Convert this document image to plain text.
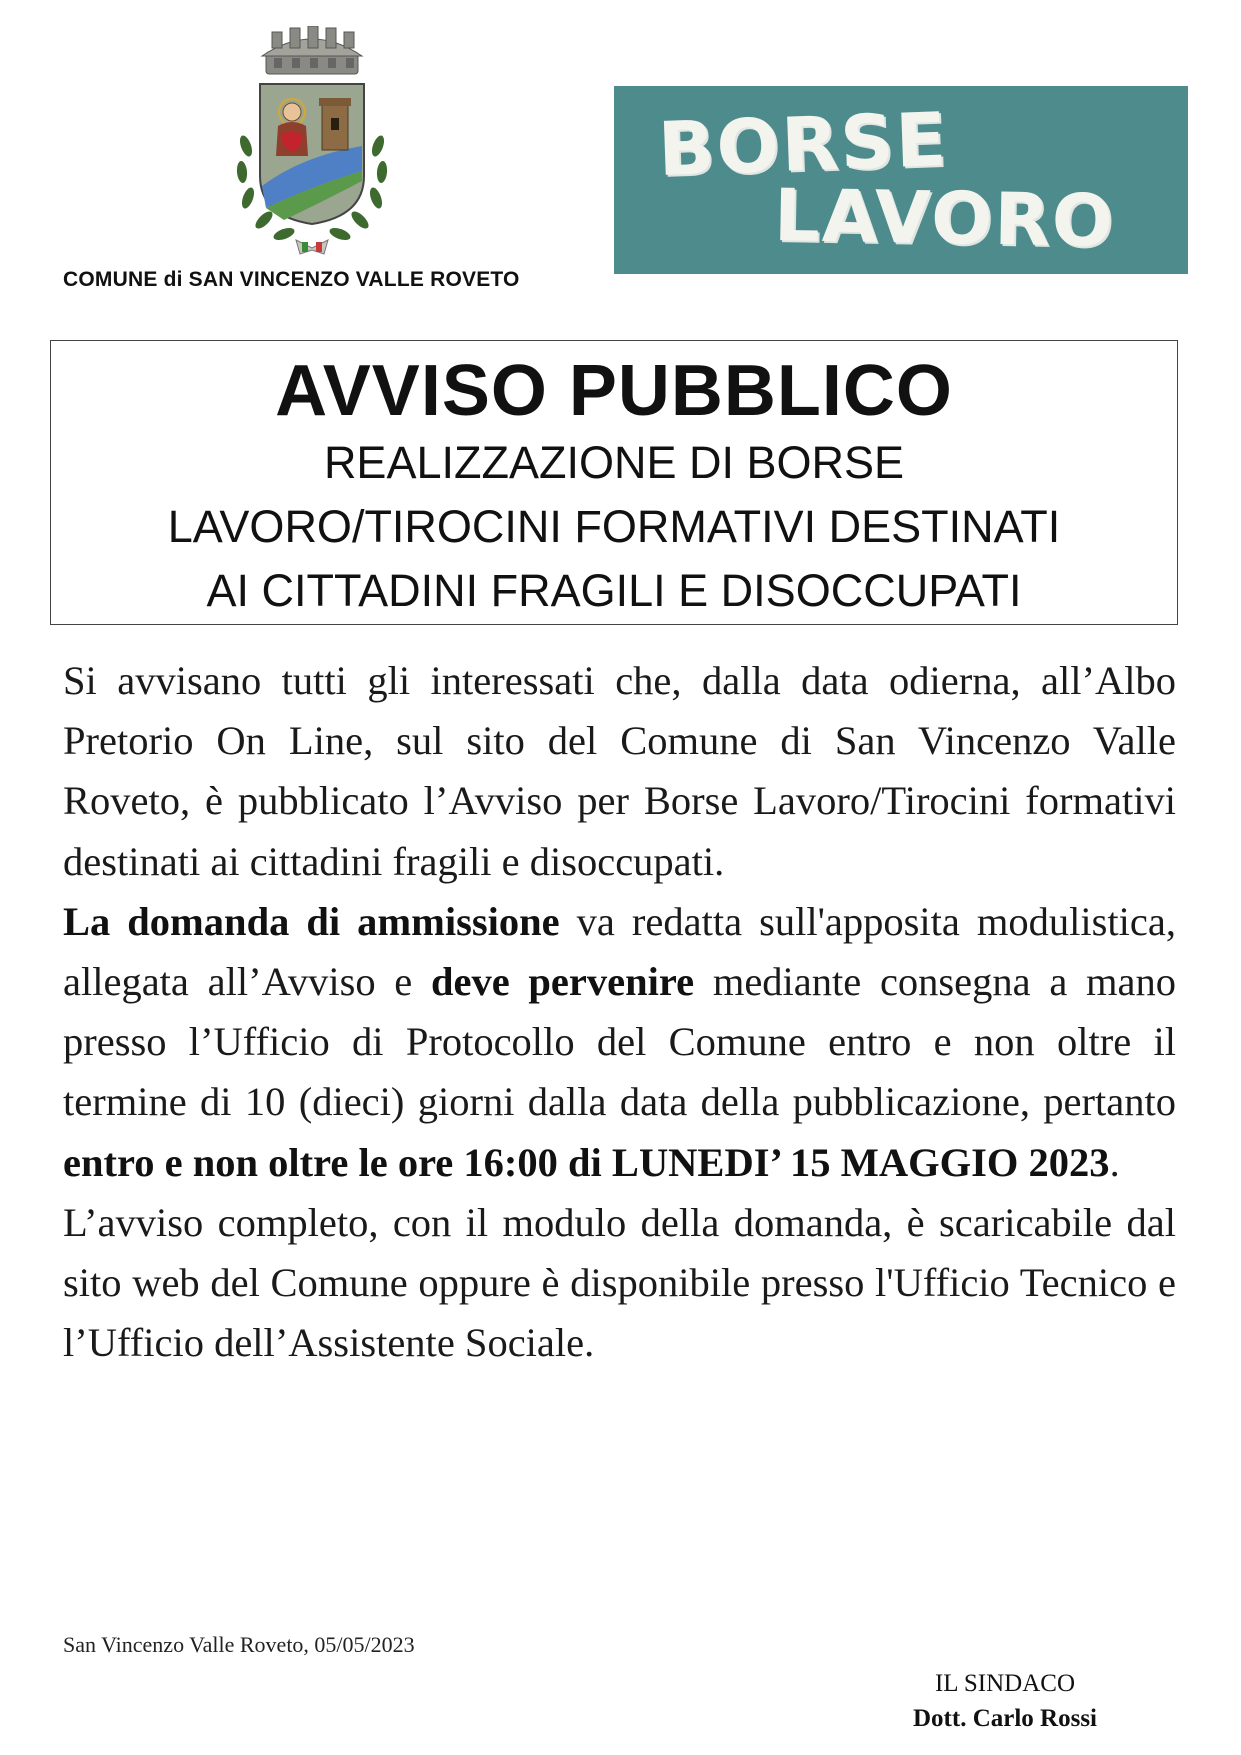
COMUNE di SAN VINCENZO VALLE ROVETO
BORSE
LAVORO
AVVISO PUBBLICO
REALIZZAZIONE DI BORSE
LAVORO/TIROCINI FORMATIVI DESTINATI
AI CITTADINI FRAGILI E DISOCCUPATI

Si avvisano tutti gli interessati che, dalla data odierna, all’Albo Pretorio On Line, sul sito del Comune di San Vincenzo Valle Roveto, è pubblicato l’Avviso per Borse Lavoro/Tirocini formativi destinati ai cittadini fragili e disoccupati.

La domanda di ammissione va redatta sull'apposita modulistica, allegata all’Avviso e deve pervenire mediante consegna a mano presso l’Ufficio di Protocollo del Comune entro e non oltre il termine di 10 (dieci) giorni dalla data della pubblicazione, pertanto entro e non oltre le ore 16:00 di LUNEDI’ 15 MAGGIO 2023.

L’avviso completo, con il modulo della domanda, è scaricabile dal sito web del Comune oppure è disponibile presso l'Ufficio Tecnico e l’Ufficio dell’Assistente Sociale.

San Vincenzo Valle Roveto, 05/05/2023
IL SINDACO
Dott. Carlo Rossi
